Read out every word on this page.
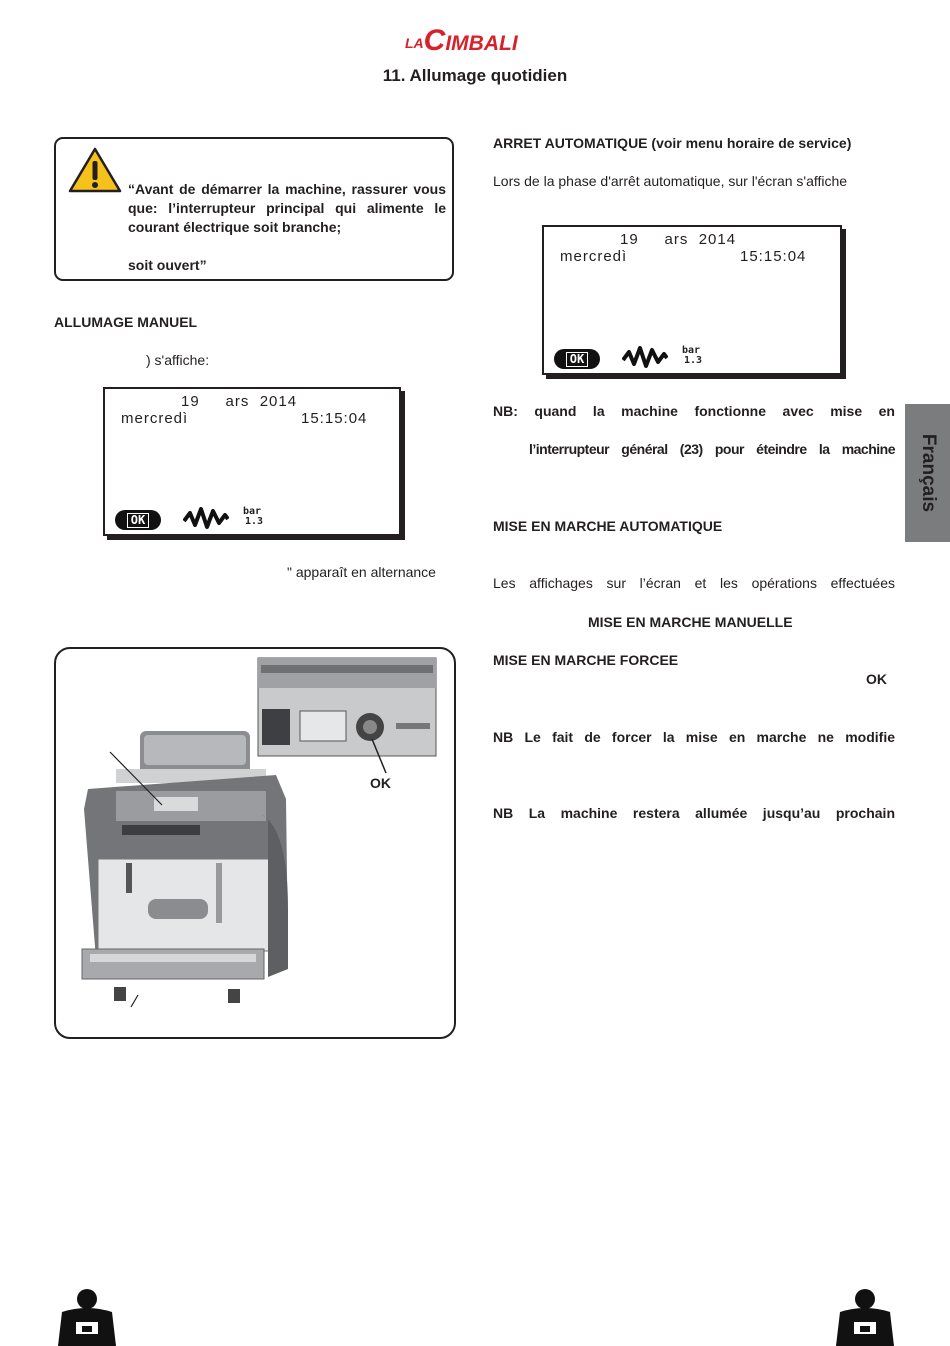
LACIMBALI
11. Allumage quotidien
“Avant de démarrer la machine, rassurer vous que: l’interrupteur principal qui alimente le courant électrique soit branche;
soit ouvert”
ALLUMAGE MANUEL
) s'affiche:
19     ars  2014
mercredì	15:15:04
OK
bar
1.3
" apparaît en alternance
OK
ARRET AUTOMATIQUE (voir menu horaire de service)
Lors de la phase d'arrêt automatique, sur l'écran s'affiche
19     ars  2014
mercredì	15:15:04
OK
bar
1.3
NB: quand la machine fonctionne avec mise en
l’interrupteur général (23) pour éteindre la machine
MISE EN MARCHE AUTOMATIQUE
Les affichages sur l’écran et les opérations effectuées
MISE EN MARCHE MANUELLE
MISE EN MARCHE FORCEE
OK
NB Le fait de forcer la mise en marche ne modifie
NB La machine restera allumée jusqu’au prochain
Français
